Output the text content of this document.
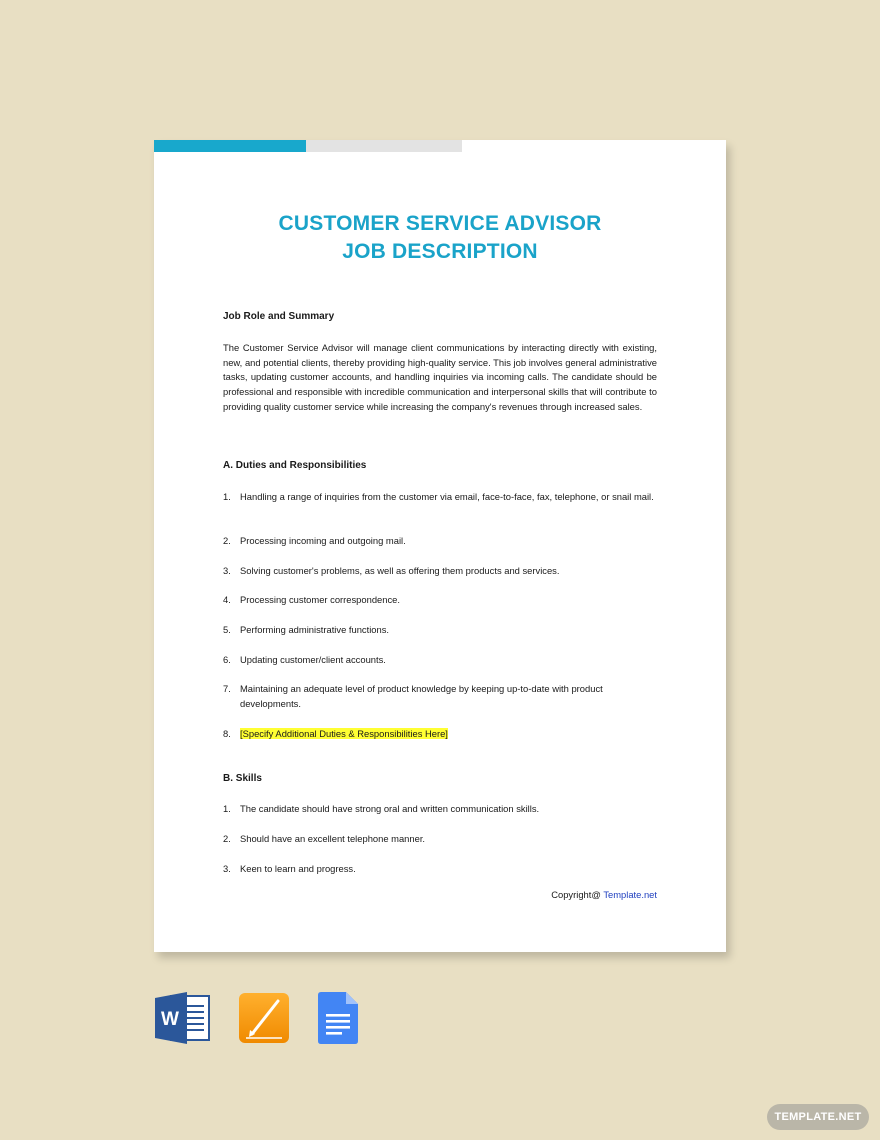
CUSTOMER SERVICE ADVISOR
JOB DESCRIPTION
Job Role and Summary
The Customer Service Advisor will manage client communications by interacting directly with existing, new, and potential clients, thereby providing high-quality service. This job involves general administrative tasks, updating customer accounts, and handling inquiries via incoming calls. The candidate should be professional and responsible with incredible communication and interpersonal skills that will contribute to providing quality customer service while increasing the company's revenues through increased sales.
A. Duties and Responsibilities
1. Handling a range of inquiries from the customer via email, face-to-face, fax, telephone, or snail mail.
2. Processing incoming and outgoing mail.
3. Solving customer's problems, as well as offering them products and services.
4. Processing customer correspondence.
5. Performing administrative functions.
6. Updating customer/client accounts.
7. Maintaining an adequate level of product knowledge by keeping up-to-date with product developments.
8. [Specify Additional Duties & Responsibilities Here]
B. Skills
1. The candidate should have strong oral and written communication skills.
2. Should have an excellent telephone manner.
3. Keen to learn and progress.
Copyright@ Template.net
W
TEMPLATE.NET
